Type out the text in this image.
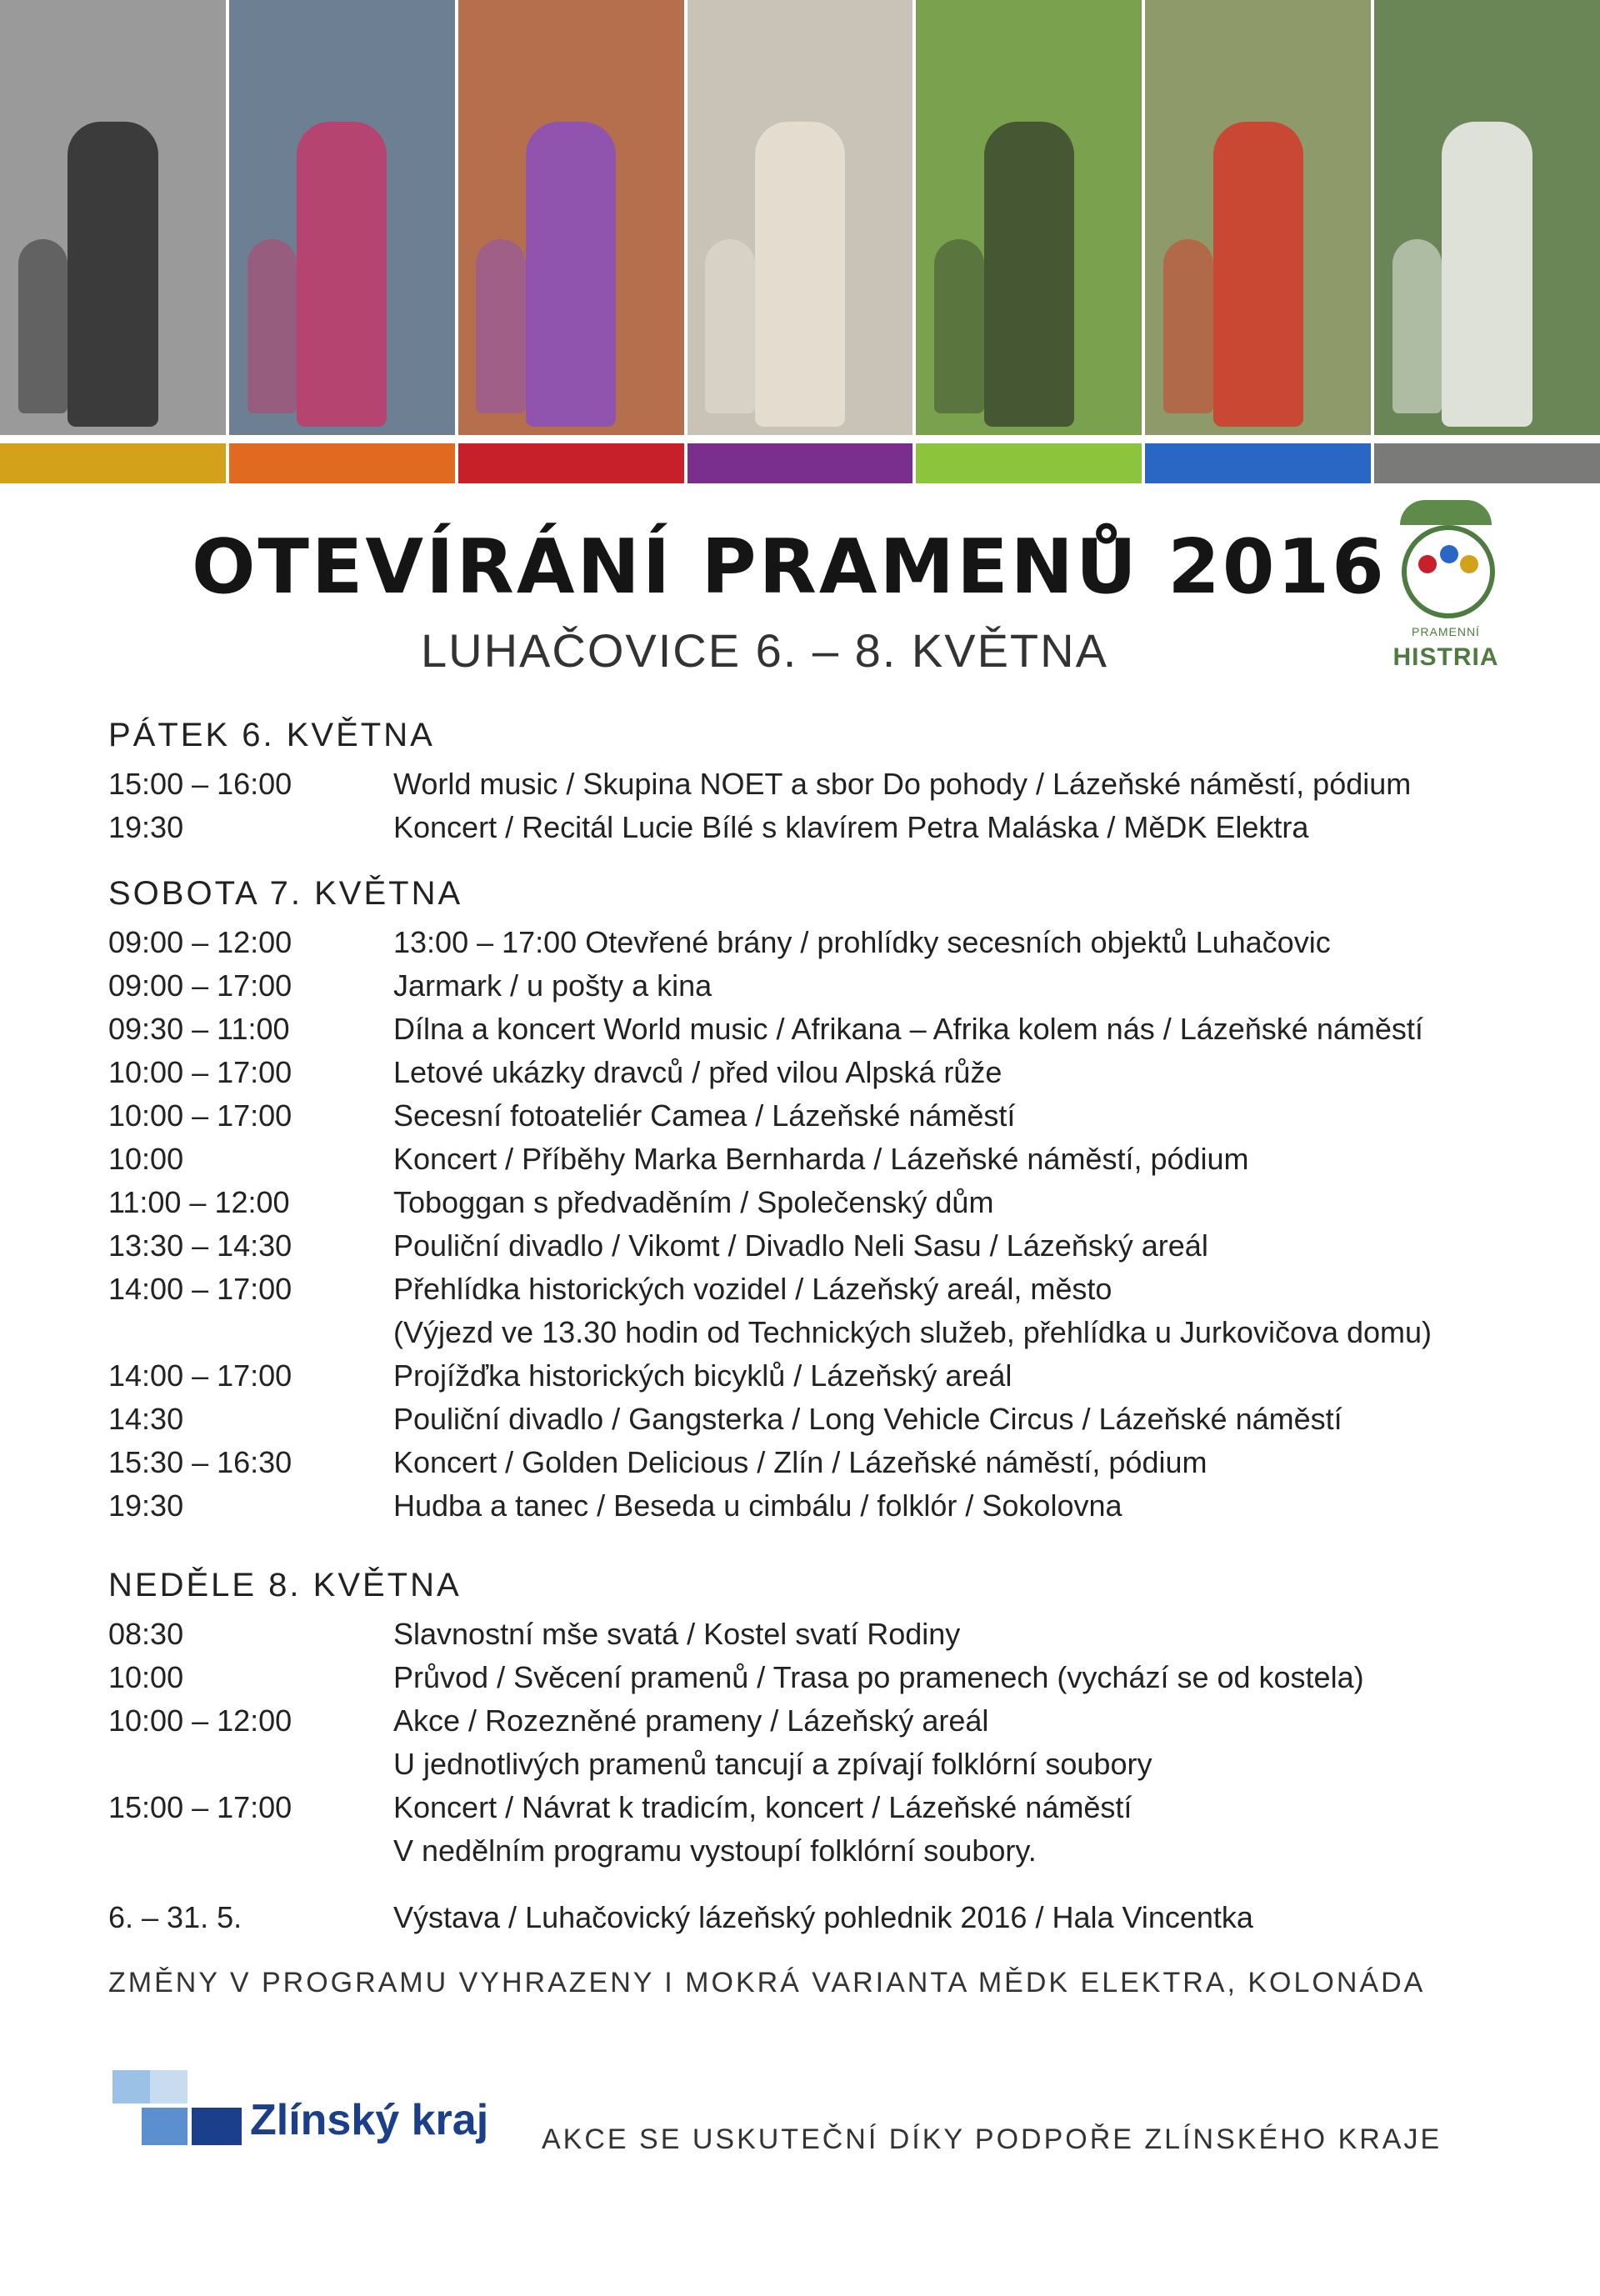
OTEVÍRÁNÍ PRAMENŮ 2016
LUHAČOVICE 6. – 8. KVĚTNA	PRAMENNÍ
HISTRIA
PÁTEK 6. KVĚTNA
15:00 – 16:00	World music / Skupina NOET a sbor Do pohody / Lázeňské náměstí, pódium
19:30	Koncert / Recitál Lucie Bílé s klavírem Petra Maláska / MěDK Elektra
SOBOTA 7. KVĚTNA
09:00 – 12:00	13:00 – 17:00 Otevřené brány / prohlídky secesních objektů Luhačovic
09:00 – 17:00	Jarmark / u pošty a kina
09:30 – 11:00	Dílna a koncert World music / Afrikana – Afrika kolem nás / Lázeňské náměstí
10:00 – 17:00	Letové ukázky dravců / před vilou Alpská růže
10:00 – 17:00	Secesní fotoateliér Camea / Lázeňské náměstí
10:00	Koncert / Příběhy Marka Bernharda / Lázeňské náměstí, pódium
11:00 – 12:00	Toboggan s předvaděním / Společenský dům
13:30 – 14:30	Pouliční divadlo / Vikomt / Divadlo Neli Sasu / Lázeňský areál
14:00 – 17:00	Přehlídka historických vozidel / Lázeňský areál, město
(Výjezd ve 13.30 hodin od Technických služeb, přehlídka u Jurkovičova domu)
14:00 – 17:00	Projížďka historických bicyklů / Lázeňský areál
14:30	Pouliční divadlo / Gangsterka / Long Vehicle Circus / Lázeňské náměstí
15:30 – 16:30	Koncert / Golden Delicious / Zlín / Lázeňské náměstí, pódium
19:30	Hudba a tanec / Beseda u cimbálu / folklór / Sokolovna
NEDĚLE 8. KVĚTNA
08:30	Slavnostní mše svatá / Kostel svatí Rodiny
10:00	Průvod / Svěcení pramenů / Trasa po pramenech (vychází se od kostela)
10:00 – 12:00	Akce / Rozezněné prameny / Lázeňský areál
U jednotlivých pramenů tancují a zpívají folklórní soubory
15:00 – 17:00	Koncert / Návrat k tradicím, koncert / Lázeňské náměstí
V nedělním programu vystoupí folklórní soubory.
6. – 31. 5.	Výstava / Luhačovický lázeňský pohlednik 2016 / Hala Vincentka
ZMĚNY V PROGRAMU VYHRAZENY I MOKRÁ VARIANTA MĚDK ELEKTRA, KOLONÁDA
Zlínský kraj AKCE SE USKUTEČNÍ DÍKY PODPOŘE ZLÍNSKÉHO KRAJE
